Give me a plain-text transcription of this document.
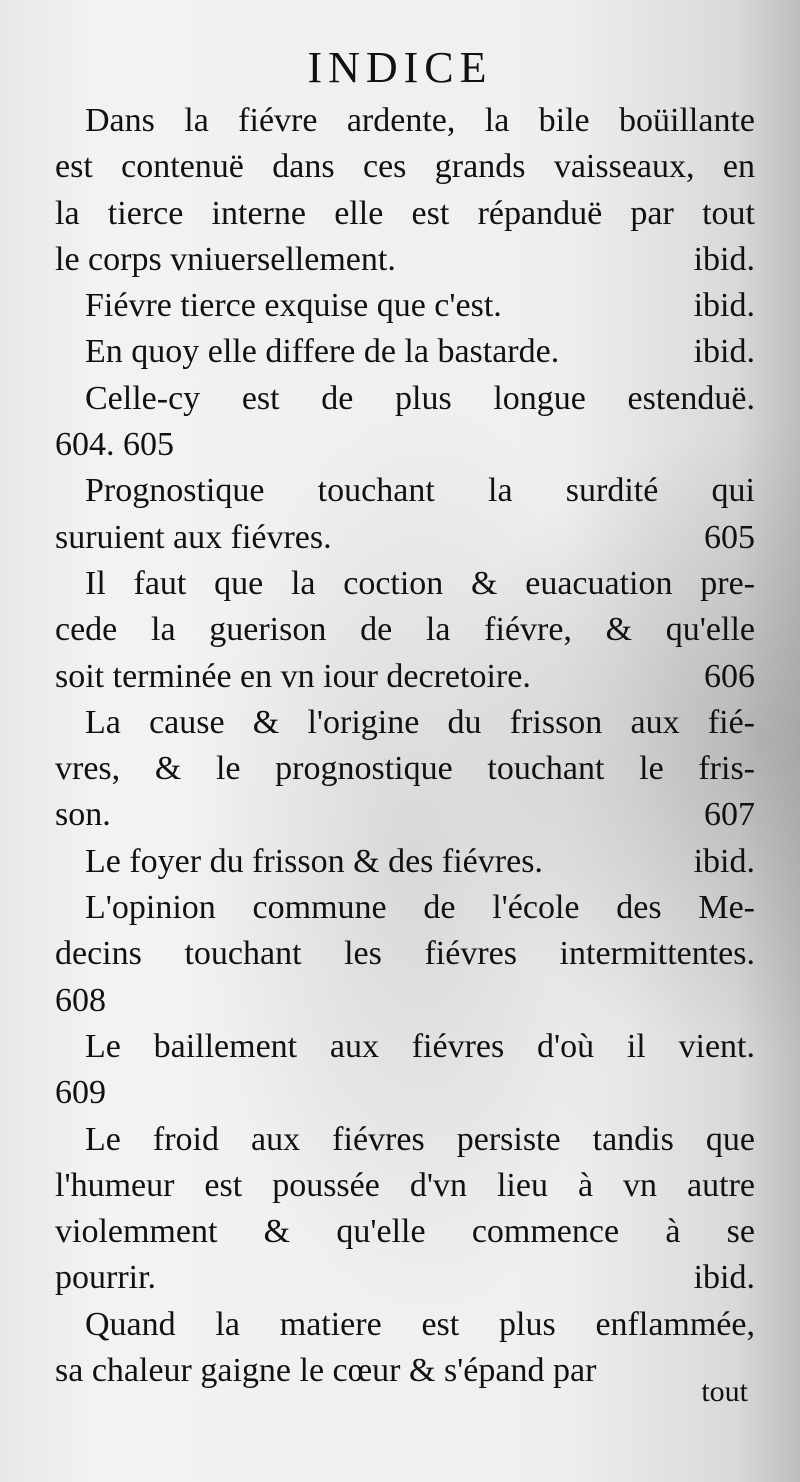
INDICE
Dans la fiévre ardente, la bile boüillante
est contenuë dans ces grands vaisseaux, en
la tierce interne elle est répanduë par tout
le corps vniuersellement.	ibid.
Fiévre tierce exquise que c'est.	ibid.
En quoy elle differe de la bastarde.	ibid.
Celle-cy est de plus longue estenduë.
604. 605
Prognostique touchant la surdité qui
suruient aux fiévres.	605
Il faut que la coction & euacuation pre-
cede la guerison de la fiévre, & qu'elle
soit terminée en vn iour decretoire.	606
La cause & l'origine du frisson aux fié-
vres, & le prognostique touchant le fris-
son.	607
Le foyer du frisson & des fiévres.	ibid.
L'opinion commune de l'école des Me-
decins touchant les fiévres intermittentes.
608
Le baillement aux fiévres d'où il vient.
609
Le froid aux fiévres persiste tandis que
l'humeur est poussée d'vn lieu à vn autre
violemment & qu'elle commence à se
pourrir.	ibid.
Quand la matiere est plus enflammée,
sa chaleur gaigne le cœur & s'épand par
tout
